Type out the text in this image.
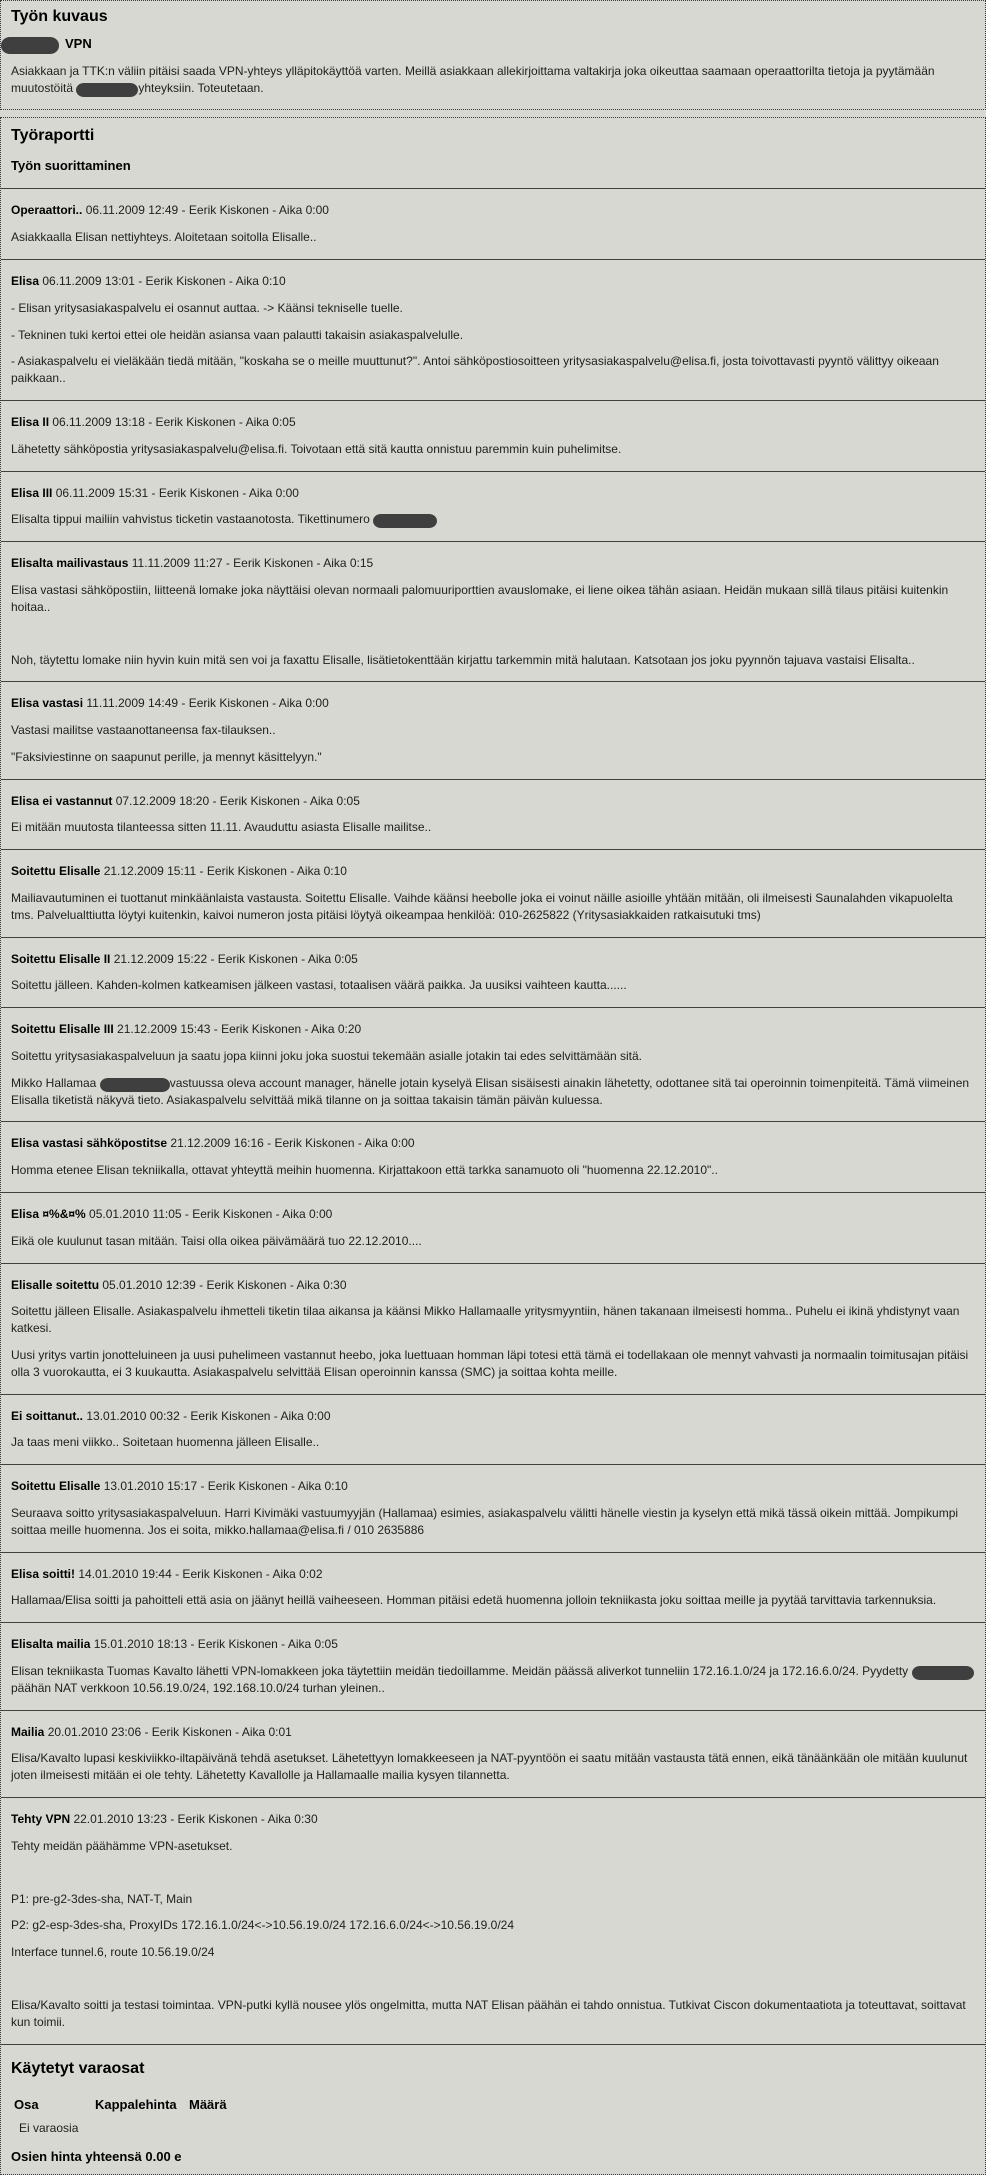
Työn kuvaus
VPN
Asiakkaan ja TTK:n väliin pitäisi saada VPN-yhteys ylläpitokäyttöä varten. Meillä asiakkaan allekirjoittama valtakirja joka oikeuttaa saamaan operaattorilta tietoja ja pyytämään muutostöitä	yhteyksiin. Toteutetaan.
Työraportti
Työn suorittaminen
Operaattori.. 06.11.2009 12:49 - Eerik Kiskonen - Aika 0:00
Asiakkaalla Elisan nettiyhteys. Aloitetaan soitolla Elisalle..
Elisa 06.11.2009 13:01 - Eerik Kiskonen - Aika 0:10
- Elisan yritysasiakaspalvelu ei osannut auttaa. -> Käänsi tekniselle tuelle.
- Tekninen tuki kertoi ettei ole heidän asiansa vaan palautti takaisin asiakaspalvelulle.
- Asiakaspalvelu ei vieläkään tiedä mitään, "koskaha se o meille muuttunut?". Antoi sähköpostiosoitteen yritysasiakaspalvelu@elisa.fi, josta toivottavasti pyyntö välittyy oikeaan paikkaan..
Elisa II 06.11.2009 13:18 - Eerik Kiskonen - Aika 0:05
Lähetetty sähköpostia yritysasiakaspalvelu@elisa.fi. Toivotaan että sitä kautta onnistuu paremmin kuin puhelimitse.
Elisa III 06.11.2009 15:31 - Eerik Kiskonen - Aika 0:00
Elisalta tippui mailiin vahvistus ticketin vastaanotosta. Tikettinumero
Elisalta mailivastaus 11.11.2009 11:27 - Eerik Kiskonen - Aika 0:15
Elisa vastasi sähköpostiin, liitteenä lomake joka näyttäisi olevan normaali palomuuriporttien avauslomake, ei liene oikea tähän asiaan. Heidän mukaan sillä tilaus pitäisi kuitenkin hoitaa..
Noh, täytettu lomake niin hyvin kuin mitä sen voi ja faxattu Elisalle, lisätietokenttään kirjattu tarkemmin mitä halutaan. Katsotaan jos joku pyynnön tajuava vastaisi Elisalta..
Elisa vastasi 11.11.2009 14:49 - Eerik Kiskonen - Aika 0:00
Vastasi mailitse vastaanottaneensa fax-tilauksen..
"Faksiviestinne on saapunut perille, ja mennyt käsittelyyn."
Elisa ei vastannut 07.12.2009 18:20 - Eerik Kiskonen - Aika 0:05
Ei mitään muutosta tilanteessa sitten 11.11. Avauduttu asiasta Elisalle mailitse..
Soitettu Elisalle 21.12.2009 15:11 - Eerik Kiskonen - Aika 0:10
Mailiavautuminen ei tuottanut minkäänlaista vastausta. Soitettu Elisalle. Vaihde käänsi heebolle joka ei voinut näille asioille yhtään mitään, oli ilmeisesti Saunalahden vikapuolelta tms. Palvelualttiutta löytyi kuitenkin, kaivoi numeron josta pitäisi löytyä oikeampaa henkilöä: 010-2625822 (Yritysasiakkaiden ratkaisutuki tms)
Soitettu Elisalle II 21.12.2009 15:22 - Eerik Kiskonen - Aika 0:05
Soitettu jälleen. Kahden-kolmen katkeamisen jälkeen vastasi, totaalisen väärä paikka. Ja uusiksi vaihteen kautta......
Soitettu Elisalle III 21.12.2009 15:43 - Eerik Kiskonen - Aika 0:20
Soitettu yritysasiakaspalveluun ja saatu jopa kiinni joku joka suostui tekemään asialle jotakin tai edes selvittämään sitä.
Mikko Hallamaa	vastuussa oleva account manager, hänelle jotain kyselyä Elisan sisäisesti ainakin lähetetty, odottanee sitä tai operoinnin toimenpiteitä. Tämä viimeinen Elisalla tiketistä näkyvä tieto. Asiakaspalvelu selvittää mikä tilanne on ja soittaa takaisin tämän päivän kuluessa.
Elisa vastasi sähköpostitse 21.12.2009 16:16 - Eerik Kiskonen - Aika 0:00
Homma etenee Elisan tekniikalla, ottavat yhteyttä meihin huomenna. Kirjattakoon että tarkka sanamuoto oli "huomenna 22.12.2010"..
Elisa ¤%&¤% 05.01.2010 11:05 - Eerik Kiskonen - Aika 0:00
Eikä ole kuulunut tasan mitään. Taisi olla oikea päivämäärä tuo 22.12.2010....
Elisalle soitettu 05.01.2010 12:39 - Eerik Kiskonen - Aika 0:30
Soitettu jälleen Elisalle. Asiakaspalvelu ihmetteli tiketin tilaa aikansa ja käänsi Mikko Hallamaalle yritysmyyntiin, hänen takanaan ilmeisesti homma.. Puhelu ei ikinä yhdistynyt vaan katkesi.
Uusi yritys vartin jonotteluineen ja uusi puhelimeen vastannut heebo, joka luettuaan homman läpi totesi että tämä ei todellakaan ole mennyt vahvasti ja normaalin toimitusajan pitäisi olla 3 vuorokautta, ei 3 kuukautta. Asiakaspalvelu selvittää Elisan operoinnin kanssa (SMC) ja soittaa kohta meille.
Ei soittanut.. 13.01.2010 00:32 - Eerik Kiskonen - Aika 0:00
Ja taas meni viikko.. Soitetaan huomenna jälleen Elisalle..
Soitettu Elisalle 13.01.2010 15:17 - Eerik Kiskonen - Aika 0:10
Seuraava soitto yritysasiakaspalveluun. Harri Kivimäki vastuumyyjän (Hallamaa) esimies, asiakaspalvelu välitti hänelle viestin ja kyselyn että mikä tässä oikein mittää. Jompikumpi soittaa meille huomenna. Jos ei soita, mikko.hallamaa@elisa.fi / 010 2635886
Elisa soitti! 14.01.2010 19:44 - Eerik Kiskonen - Aika 0:02
Hallamaa/Elisa soitti ja pahoitteli että asia on jäänyt heillä vaiheeseen. Homman pitäisi edetä huomenna jolloin tekniikasta joku soittaa meille ja pyytää tarvittavia tarkennuksia.
Elisalta mailia 15.01.2010 18:13 - Eerik Kiskonen - Aika 0:05
Elisan tekniikasta Tuomas Kavalto lähetti VPN-lomakkeen joka täytettiin meidän tiedoillamme. Meidän päässä aliverkot tunneliin 172.16.1.0/24 ja 172.16.6.0/24. Pyydetty päähän NAT verkkoon 10.56.19.0/24, 192.168.10.0/24 turhan yleinen..
Mailia 20.01.2010 23:06 - Eerik Kiskonen - Aika 0:01
Elisa/Kavalto lupasi keskiviikko-iltapäivänä tehdä asetukset. Lähetettyyn lomakkeeseen ja NAT-pyyntöön ei saatu mitään vastausta tätä ennen, eikä tänäänkään ole mitään kuulunut joten ilmeisesti mitään ei ole tehty. Lähetetty Kavallolle ja Hallamaalle mailia kysyen tilannetta.
Tehty VPN 22.01.2010 13:23 - Eerik Kiskonen - Aika 0:30
Tehty meidän päähämme VPN-asetukset.
P1: pre-g2-3des-sha, NAT-T, Main
P2: g2-esp-3des-sha, ProxyIDs 172.16.1.0/24<->10.56.19.0/24 172.16.6.0/24<->10.56.19.0/24
Interface tunnel.6, route 10.56.19.0/24
Elisa/Kavalto soitti ja testasi toimintaa. VPN-putki kyllä nousee ylös ongelmitta, mutta NAT Elisan päähän ei tahdo onnistua. Tutkivat Ciscon dokumentaatiota ja toteuttavat, soittavat kun toimii.
Käytetyt varaosat
Osa	Kappalehinta Määrä
Ei varaosia
Osien hinta yhteensä 0.00 e
